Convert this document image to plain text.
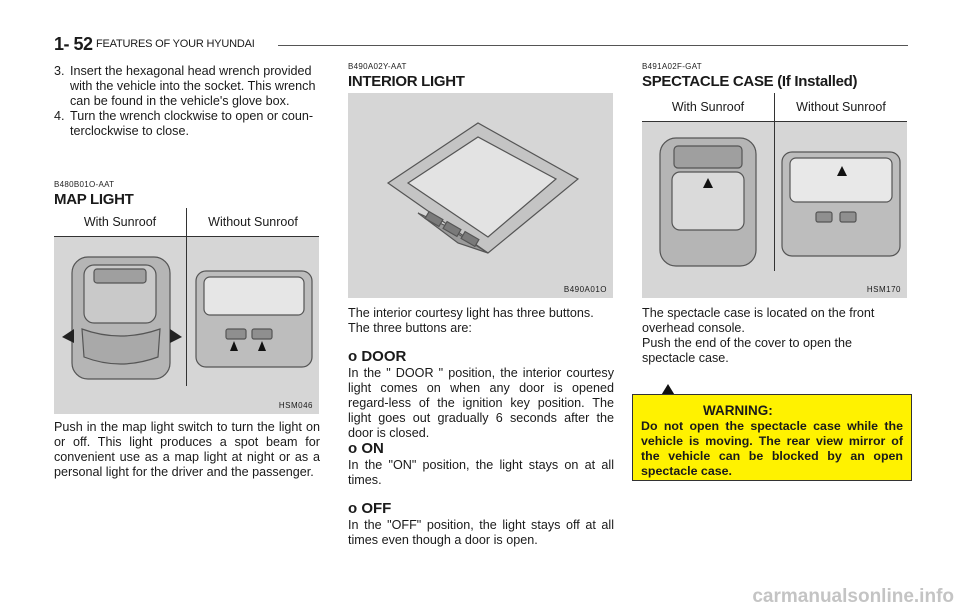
1- 52 FEATURES OF YOUR HYUNDAI
3. Insert the hexagonal head wrench provided with the vehicle into the socket. This wrench can be found in the vehicle's glove box.
4. Turn the wrench clockwise to open or coun-terclockwise to close.
B480B01O-AAT
MAP LIGHT
With Sunroof	Without Sunroof
HSM046
Push in the map light switch to turn the light on or off. This light produces a spot beam for convenient use as a map light at night or as a personal light for the driver and the passenger.
B490A02Y-AAT
INTERIOR LIGHT
B490A01O
The interior courtesy light has three buttons. The three buttons are:
o DOOR
In the " DOOR " position, the interior courtesy light comes on when any door is opened regard-less of the ignition key position. The light goes out gradually 6 seconds after the door is closed.
o ON
In the "ON" position, the light stays on at all times.
o OFF
In the "OFF" position, the light stays off at all times even though a door is open.
B491A02F-GAT
SPECTACLE CASE (If Installed)
With Sunroof	Without Sunroof
HSM170
The spectacle case is located on the front overhead console.
Push the end of the cover to open the spectacle case.
WARNING:
Do not open the spectacle case while the vehicle is moving. The rear view mirror of the vehicle can be blocked by an open spectacle case.
carmanualsonline.info
